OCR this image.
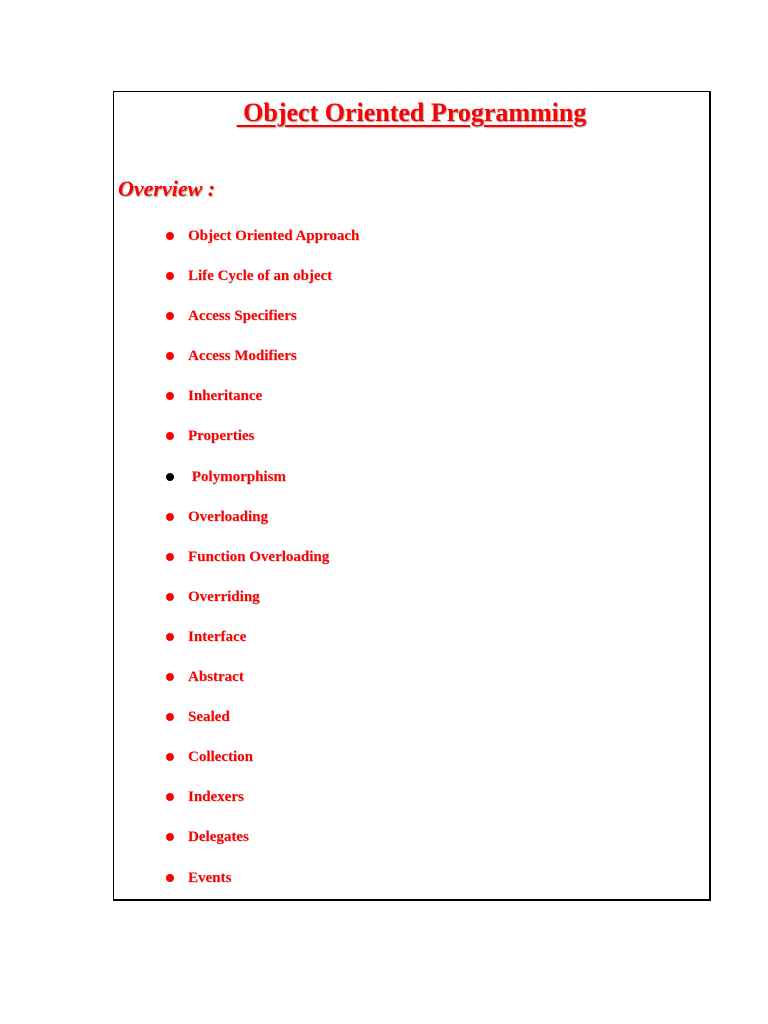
Object Oriented Programming
Overview :
Object Oriented Approach
Life Cycle of an object
Access Specifiers
Access Modifiers
Inheritance
Properties
Polymorphism
Overloading
Function Overloading
Overriding
Interface
Abstract
Sealed
Collection
Indexers
Delegates
Events
